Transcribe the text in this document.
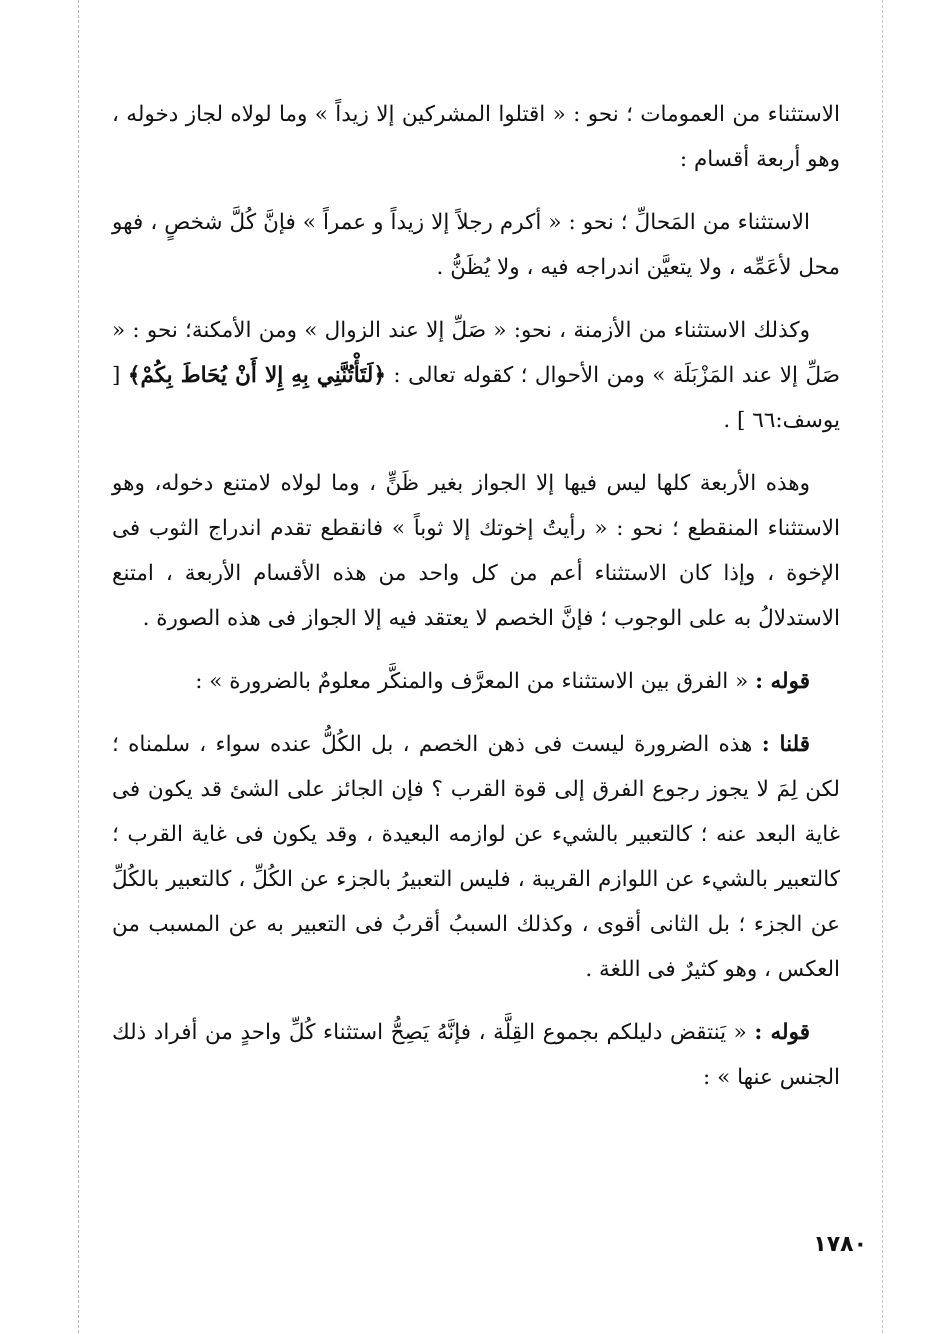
الاستثناء من العمومات ؛ نحو : « اقتلوا المشركين إلا زيداً » وما لولاه لجاز دخوله ، وهو أربعة أقسام :

الاستثناء من المَحالِّ ؛ نحو : « أكرم رجلاً إلا زيداً و عمراً » فإنَّ كُلَّ شخصٍ ، فهو محل لأعَمِّه ، ولا يتعيَّن اندراجه فيه ، ولا يُظَنُّ .

وكذلك الاستثناء من الأزمنة ، نحو: « صَلِّ إلا عند الزوال » ومن الأمكنة؛ نحو : « صَلِّ إلا عند المَزْبَلَة » ومن الأحوال ؛ كقوله تعالى : ﴿لَتَأْتُنَّنِي بِهِ إِلا أَنْ يُحَاطَ بِكُمْ﴾ [ يوسف:٦٦ ] .

وهذه الأربعة كلها ليس فيها إلا الجواز بغير ظَنٍّ ، وما لولاه لامتنع دخوله، وهو الاستثناء المنقطع ؛ نحو : « رأيتُ إخوتك إلا ثوباً » فانقطع تقدم اندراج الثوب فى الإخوة ، وإذا كان الاستثناء أعم من كل واحد من هذه الأقسام الأربعة ، امتنع الاستدلالُ به على الوجوب ؛ فإنَّ الخصم لا يعتقد فيه إلا الجواز فى هذه الصورة .

قوله : « الفرق بين الاستثناء من المعرَّف والمنكَّر معلومٌ بالضرورة » :

قلنا : هذه الضرورة ليست فى ذهن الخصم ، بل الكُلُّ عنده سواء ، سلمناه ؛ لكن لِمَ لا يجوز رجوع الفرق إلى قوة القرب ؟ فإن الجائز على الشئ قد يكون فى غاية البعد عنه ؛ كالتعبير بالشيء عن لوازمه البعيدة ، وقد يكون فى غاية القرب ؛ كالتعبير بالشيء عن اللوازم القريبة ، فليس التعبيرُ بالجزء عن الكُلِّ ، كالتعبير بالكُلِّ عن الجزء ؛ بل الثانى أقوى ، وكذلك السببُ أقربُ فى التعبير به عن المسبب من العكس ، وهو كثيرٌ فى اللغة .

قوله : « يَنتقض دليلكم بجموع القِلَّة ، فإنَّهُ يَصِحُّ استثناء كُلِّ واحدٍ من أفراد ذلك الجنس عنها » :

١٧٨٠
